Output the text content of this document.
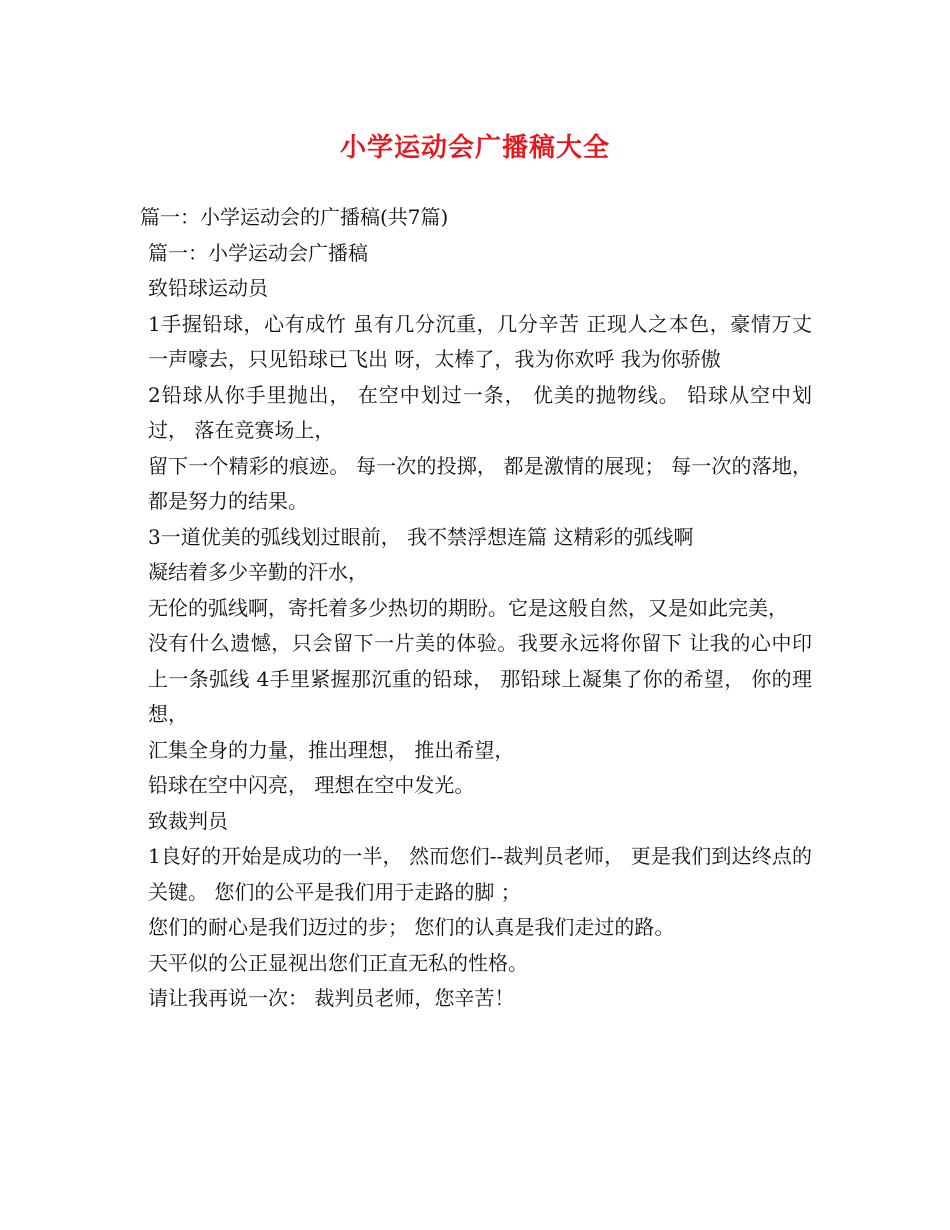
小学运动会广播稿大全

篇一：小学运动会的广播稿(共7篇)

篇一：小学运动会广播稿

致铅球运动员

1手握铅球，心有成竹 虽有几分沉重，几分辛苦 正现人之本色，豪情万丈 一声嚎去，只见铅球已飞出 呀，太棒了，我为你欢呼 我为你骄傲

2铅球从你手里抛出， 在空中划过一条， 优美的抛物线。 铅球从空中划过， 落在竞赛场上，

留下一个精彩的痕迹。 每一次的投掷， 都是激情的展现； 每一次的落地， 都是努力的结果。

3一道优美的弧线划过眼前， 我不禁浮想连篇 这精彩的弧线啊

凝结着多少辛勤的汗水，

无伦的弧线啊，寄托着多少热切的期盼。它是这般自然，又是如此完美，

没有什么遗憾，只会留下一片美的体验。我要永远将你留下 让我的心中印上一条弧线 4手里紧握那沉重的铅球， 那铅球上凝集了你的希望， 你的理想，

汇集全身的力量，推出理想， 推出希望，

铅球在空中闪亮， 理想在空中发光。

致裁判员

1良好的开始是成功的一半， 然而您们--裁判员老师， 更是我们到达终点的关键。 您们的公平是我们用于走路的脚 ；

您们的耐心是我们迈过的步； 您们的认真是我们走过的路。

天平似的公正显视出您们正直无私的性格。

请让我再说一次： 裁判员老师，您辛苦！
